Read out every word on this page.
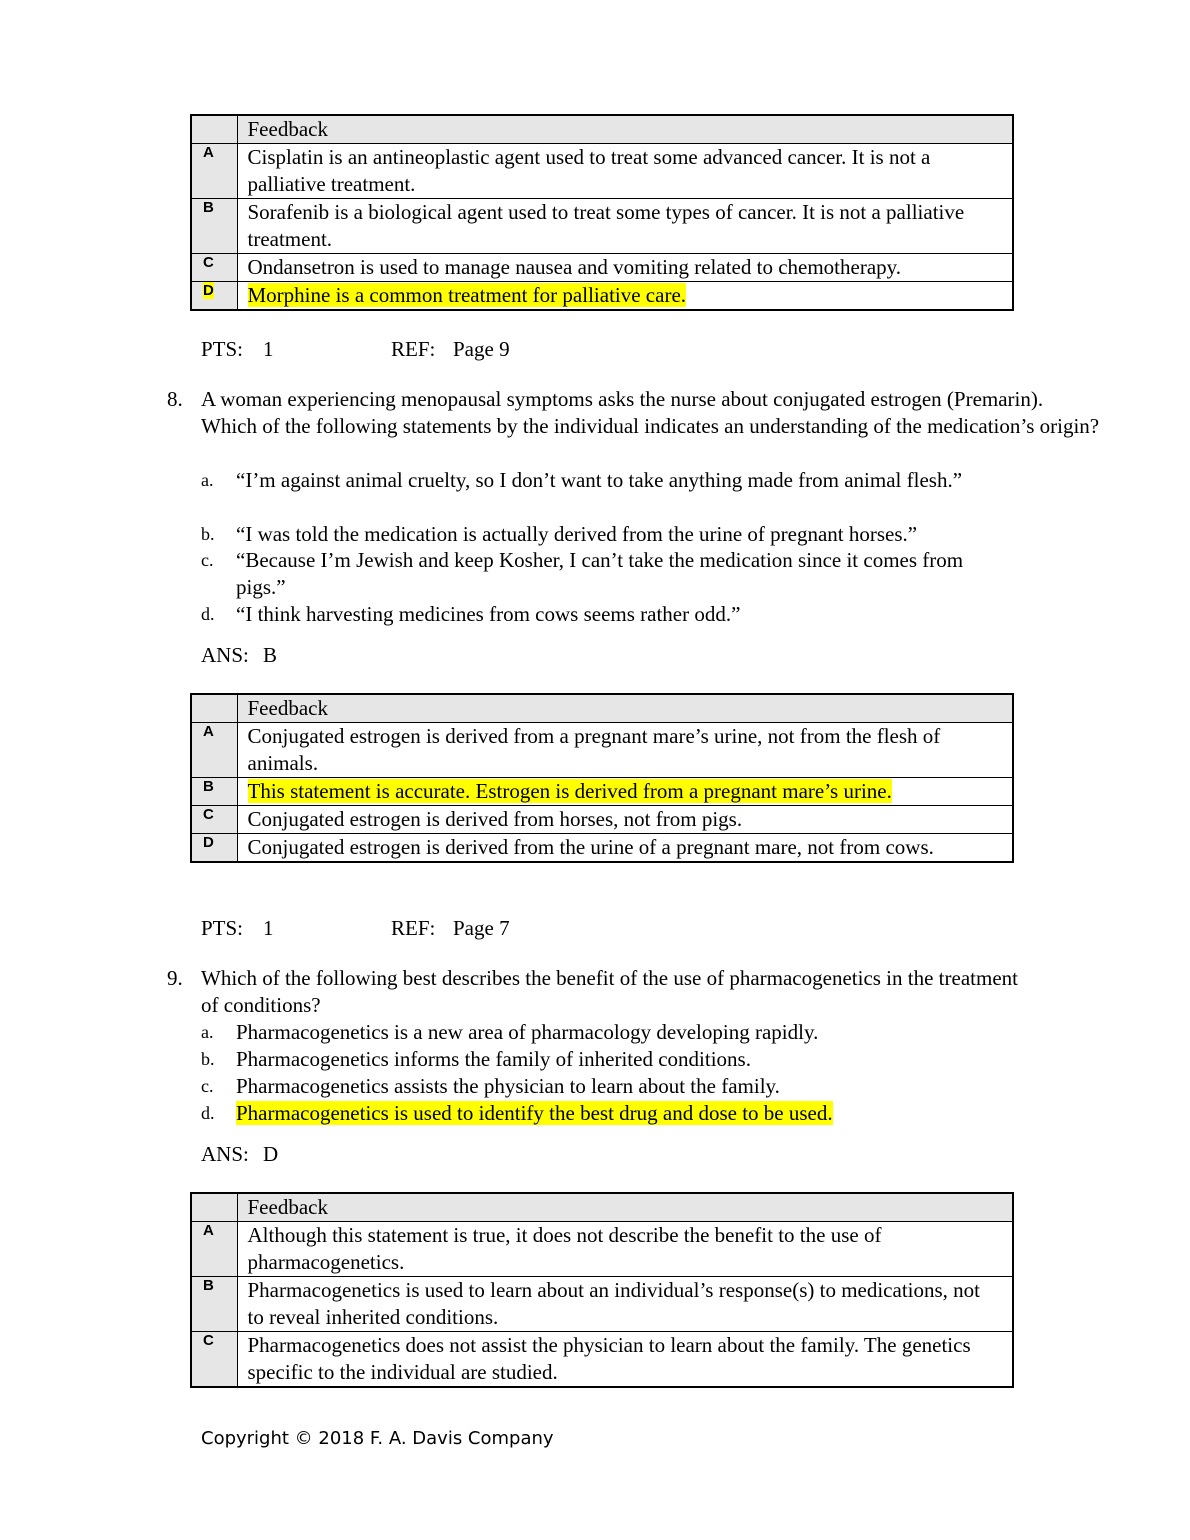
	Feedback
A	Cisplatin is an antineoplastic agent used to treat some advanced cancer. It is not a palliative treatment.
B	Sorafenib is a biological agent used to treat some types of cancer. It is not a palliative treatment.
C	Ondansetron is used to manage nausea and vomiting related to chemotherapy.
D	Morphine is a common treatment for palliative care.
PTS: 1	REF: Page 9
8. A woman experiencing menopausal symptoms asks the nurse about conjugated estrogen (Premarin). Which of the following statements by the individual indicates an understanding of the medication’s origin?
a. “I’m against animal cruelty, so I don’t want to take anything made from animal flesh.”
b. “I was told the medication is actually derived from the urine of pregnant horses.”
c. “Because I’m Jewish and keep Kosher, I can’t take the medication since it comes from pigs.”
d. “I think harvesting medicines from cows seems rather odd.”
ANS: B
	Feedback
A	Conjugated estrogen is derived from a pregnant mare’s urine, not from the flesh of animals.
B	This statement is accurate. Estrogen is derived from a pregnant mare’s urine.
C	Conjugated estrogen is derived from horses, not from pigs.
D	Conjugated estrogen is derived from the urine of a pregnant mare, not from cows.
PTS: 1	REF: Page 7
9. Which of the following best describes the benefit of the use of pharmacogenetics in the treatment of conditions?
a. Pharmacogenetics is a new area of pharmacology developing rapidly.
b. Pharmacogenetics informs the family of inherited conditions.
c. Pharmacogenetics assists the physician to learn about the family.
d. Pharmacogenetics is used to identify the best drug and dose to be used.
ANS: D
	Feedback
A	Although this statement is true, it does not describe the benefit to the use of pharmacogenetics.
B	Pharmacogenetics is used to learn about an individual’s response(s) to medications, not to reveal inherited conditions.
C	Pharmacogenetics does not assist the physician to learn about the family. The genetics specific to the individual are studied.
Copyright © 2018 F. A. Davis Company
